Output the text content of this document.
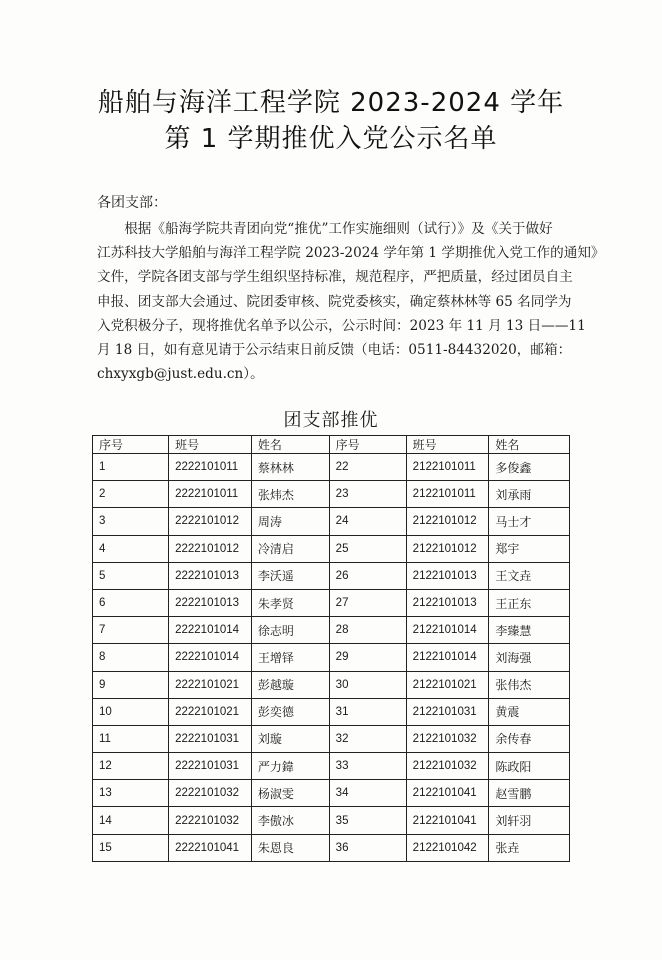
船舶与海洋工程学院 2023-2024 学年
第 1 学期推优入党公示名单
各团支部：
根据《船海学院共青团向党“推优”工作实施细则（试行）》及《关于做好
江苏科技大学船舶与海洋工程学院 2023-2024 学年第 1 学期推优入党工作的通知》
文件，学院各团支部与学生组织坚持标准，规范程序，严把质量，经过团员自主
申报、团支部大会通过、院团委审核、院党委核实，确定蔡林林等 65 名同学为
入党积极分子，现将推优名单予以公示，公示时间：2023 年 11 月 13 日——11
月 18 日，如有意见请于公示结束日前反馈（电话：0511-84432020，邮箱：
chxyxgb@just.edu.cn）。
团支部推优
序号	班号	姓名	序号	班号	姓名
1	2222101011	蔡林林	22	2122101011	多俊鑫
2	2222101011	张炜杰	23	2122101011	刘承雨
3	2222101012	周涛	24	2122101012	马士才
4	2222101012	冷清启	25	2122101012	郑宇
5	2222101013	李沃遥	26	2122101013	王文垚
6	2222101013	朱孝贤	27	2122101013	王正东
7	2222101014	徐志明	28	2122101014	李臻慧
8	2222101014	王增铎	29	2122101014	刘海强
9	2222101021	彭越璇	30	2122101021	张伟杰
10	2222101021	彭奕德	31	2122101031	黄震
11	2222101031	刘璇	32	2122101032	余传春
12	2222101031	严力鍏	33	2122101032	陈政阳
13	2222101032	杨淑雯	34	2122101041	赵雪鹏
14	2222101032	李傲冰	35	2122101041	刘轩羽
15	2222101041	朱恩良	36	2122101042	张垚
